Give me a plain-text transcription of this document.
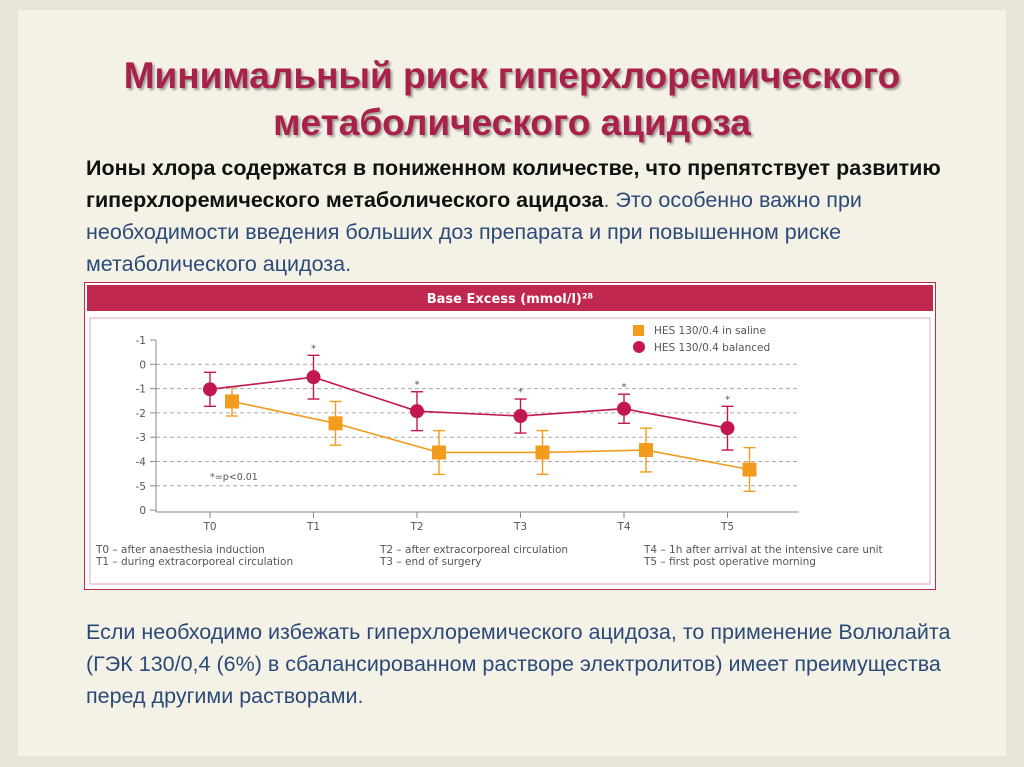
Минимальный риск гиперхлоремического
метаболического ацидоза
Ионы хлора содержатся в пониженном количестве, что препятствует развитию гиперхлоремического метаболического ацидоза. Это особенно важно при необходимости введения больших доз препарата и при повышенном риске метаболического ацидоза.
Base Excess (mmol/l)²⁸
-1
0
-1
-2
-3
-4
-5
0
T0	T1	T2	T3	T4	T5
*
*
*	*
*
*=p<0.01
HES 130/0.4 in saline
HES 130/0.4 balanced
T0 – after anaesthesia induction
T1 – during extracorporeal circulation
T2 – after extracorporeal circulation
T3 – end of surgery
T4 – 1h after arrival at the intensive care unit
T5 – first post operative morning
Если необходимо избежать гиперхлоремического ацидоза, то применение Волюлайта (ГЭК 130/0,4 (6%) в сбалансированном растворе электролитов) имеет преимущества перед другими растворами.
